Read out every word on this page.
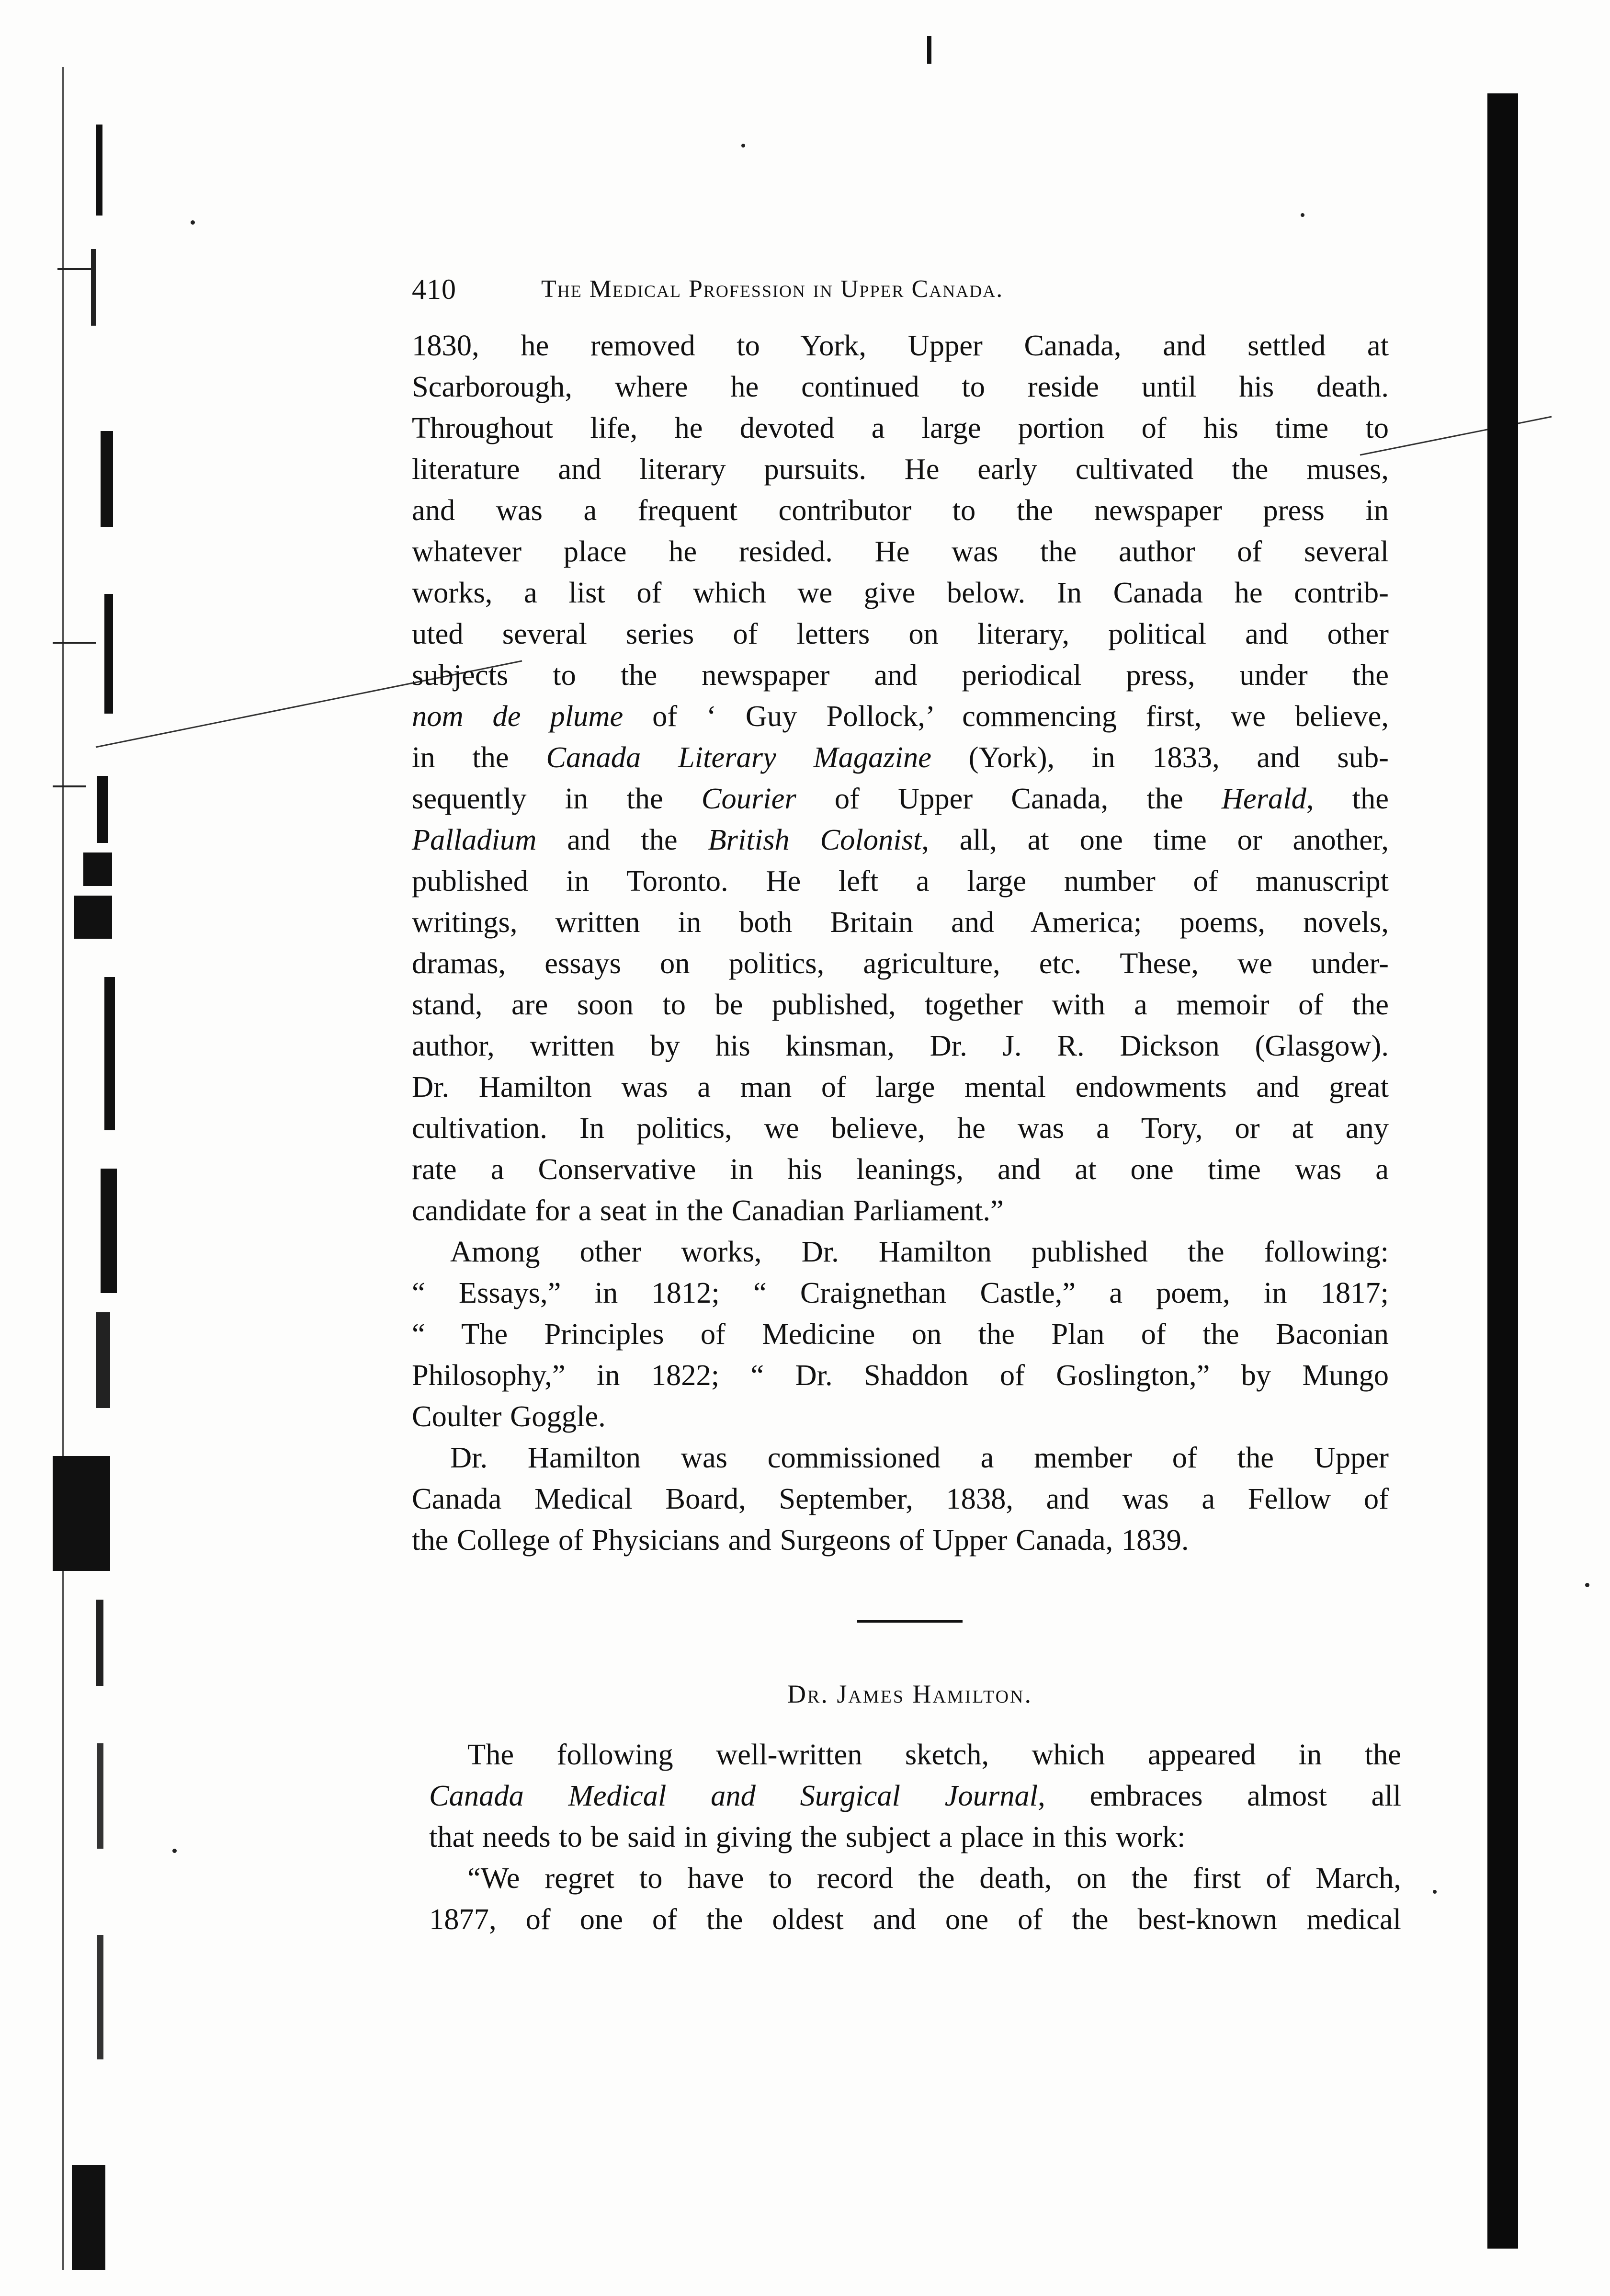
410	The Medical Profession in Upper Canada.

1830, he removed to York, Upper Canada, and settled at
Scarborough, where he continued to reside until his death.
Throughout life, he devoted a large portion of his time to
literature and literary pursuits. He early cultivated the muses,
and was a frequent contributor to the newspaper press in
whatever place he resided. He was the author of several
works, a list of which we give below. In Canada he contrib-
uted several series of letters on literary, political and other
subjects to the newspaper and periodical press, under the
nom de plume of ‘ Guy Pollock,’ commencing first, we believe,
in the Canada Literary Magazine (York), in 1833, and sub-
sequently in the Courier of Upper Canada, the Herald, the
Palladium and the British Colonist, all, at one time or another,
published in Toronto. He left a large number of manuscript
writings, written in both Britain and America; poems, novels,
dramas, essays on politics, agriculture, etc. These, we under-
stand, are soon to be published, together with a memoir of the
author, written by his kinsman, Dr. J. R. Dickson (Glasgow).
Dr. Hamilton was a man of large mental endowments and great
cultivation. In politics, we believe, he was a Tory, or at any
rate a Conservative in his leanings, and at one time was a
candidate for a seat in the Canadian Parliament.”

Among other works, Dr. Hamilton published the following:
“ Essays,” in 1812; “ Craignethan Castle,” a poem, in 1817;
“ The Principles of Medicine on the Plan of the Baconian
Philosophy,” in 1822; “ Dr. Shaddon of Goslington,” by Mungo
Coulter Goggle.

Dr. Hamilton was commissioned a member of the Upper
Canada Medical Board, September, 1838, and was a Fellow of
the College of Physicians and Surgeons of Upper Canada, 1839.

Dr. James Hamilton.

The following well-written sketch, which appeared in the
Canada Medical and Surgical Journal, embraces almost all
that needs to be said in giving the subject a place in this work:

“We regret to have to record the death, on the first of March,
1877, of one of the oldest and one of the best-known medical
